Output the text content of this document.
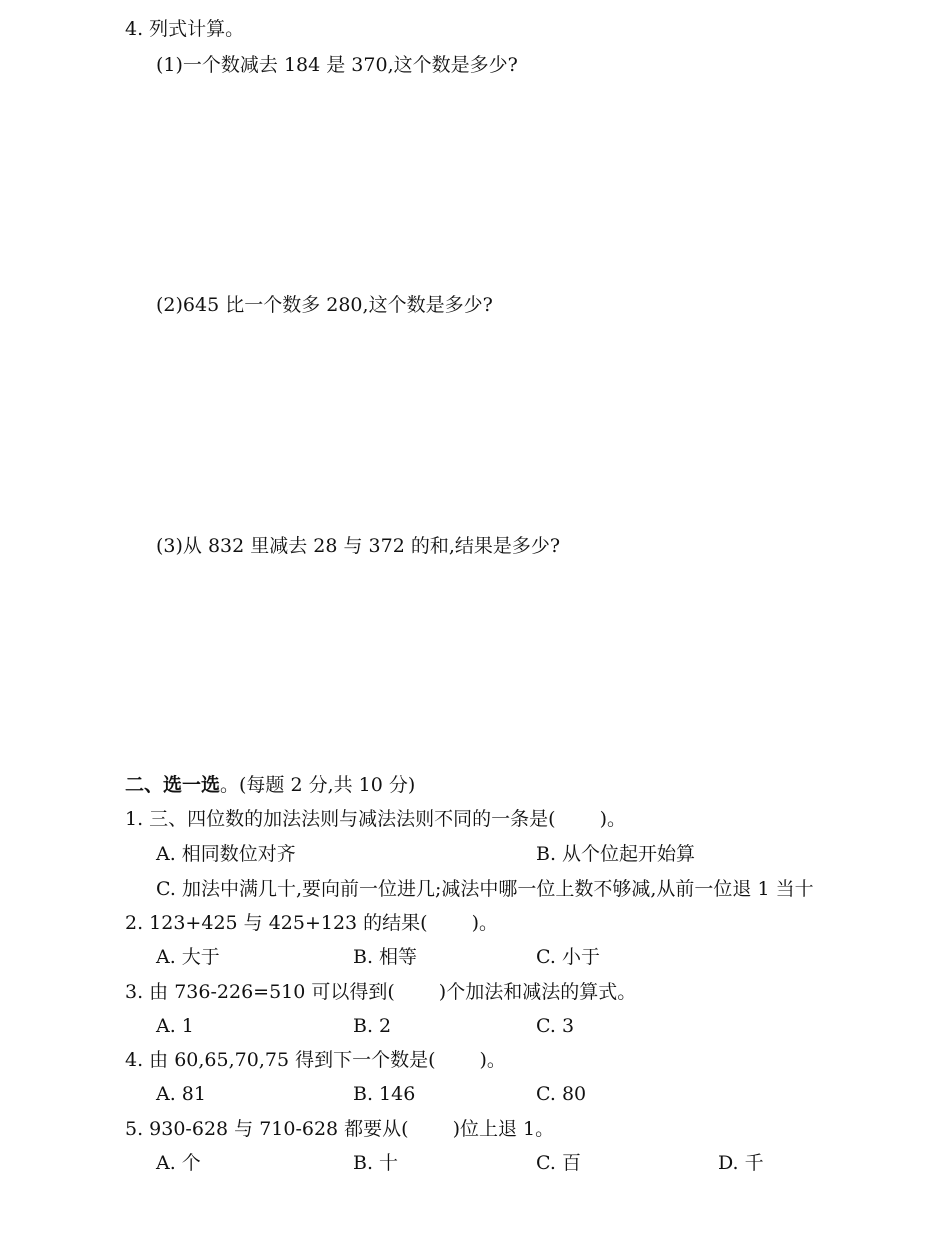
4. 列式计算。
(1)一个数减去 184 是 370,这个数是多少?
(2)645 比一个数多 280,这个数是多少?
(3)从 832 里减去 28 与 372 的和,结果是多少?
二、选一选。(每题 2 分,共 10 分)
1. 三、四位数的加法法则与减法法则不同的一条是( )。
A. 相同数位对齐	B. 从个位起开始算
C. 加法中满几十,要向前一位进几;减法中哪一位上数不够减,从前一位退 1 当十
2. 123+425 与 425+123 的结果( )。
A. 大于	B. 相等	C. 小于
3. 由 736-226=510 可以得到( )个加法和减法的算式。
A. 1	B. 2	C. 3
4. 由 60,65,70,75 得到下一个数是( )。
A. 81	B. 146	C. 80
5. 930-628 与 710-628 都要从( )位上退 1。
A. 个	B. 十	C. 百	D. 千
